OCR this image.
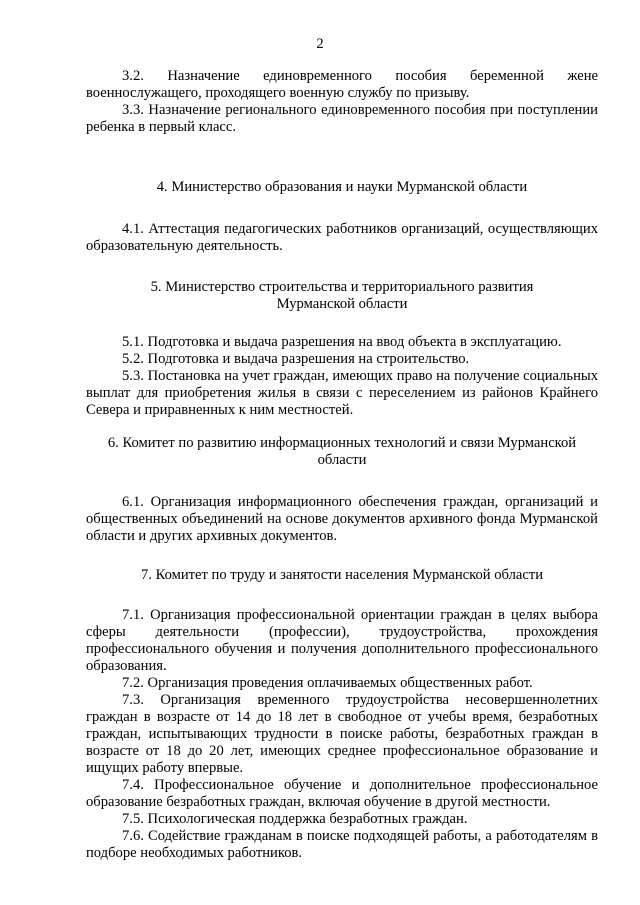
2

3.2. Назначение единовременного пособия беременной жене военнослужащего, проходящего военную службу по призыву.

3.3. Назначение регионального единовременного пособия при поступлении ребенка в первый класс.

4. Министерство образования и науки Мурманской области

4.1. Аттестация педагогических работников организаций, осуществляющих образовательную деятельность.

5. Министерство строительства и территориального развития
Мурманской области

5.1. Подготовка и выдача разрешения на ввод объекта в эксплуатацию.

5.2. Подготовка и выдача разрешения на строительство.

5.3. Постановка на учет граждан, имеющих право на получение социальных выплат для приобретения жилья в связи с переселением из районов Крайнего Севера и приравненных к ним местностей.

6. Комитет по развитию информационных технологий и связи Мурманской
области

6.1. Организация информационного обеспечения граждан, организаций и общественных объединений на основе документов архивного фонда Мурманской области и других архивных документов.

7. Комитет по труду и занятости населения Мурманской области

7.1. Организация профессиональной ориентации граждан в целях выбора сферы деятельности (профессии), трудоустройства, прохождения профессионального обучения и получения дополнительного профессионального образования.

7.2. Организация проведения оплачиваемых общественных работ.

7.3. Организация временного трудоустройства несовершеннолетних граждан в возрасте от 14 до 18 лет в свободное от учебы время, безработных граждан, испытывающих трудности в поиске работы, безработных граждан в возрасте от 18 до 20 лет, имеющих среднее профессиональное образование и ищущих работу впервые.

7.4. Профессиональное обучение и дополнительное профессиональное образование безработных граждан, включая обучение в другой местности.

7.5. Психологическая поддержка безработных граждан.

7.6. Содействие гражданам в поиске подходящей работы, а работодателям в подборе необходимых работников.
